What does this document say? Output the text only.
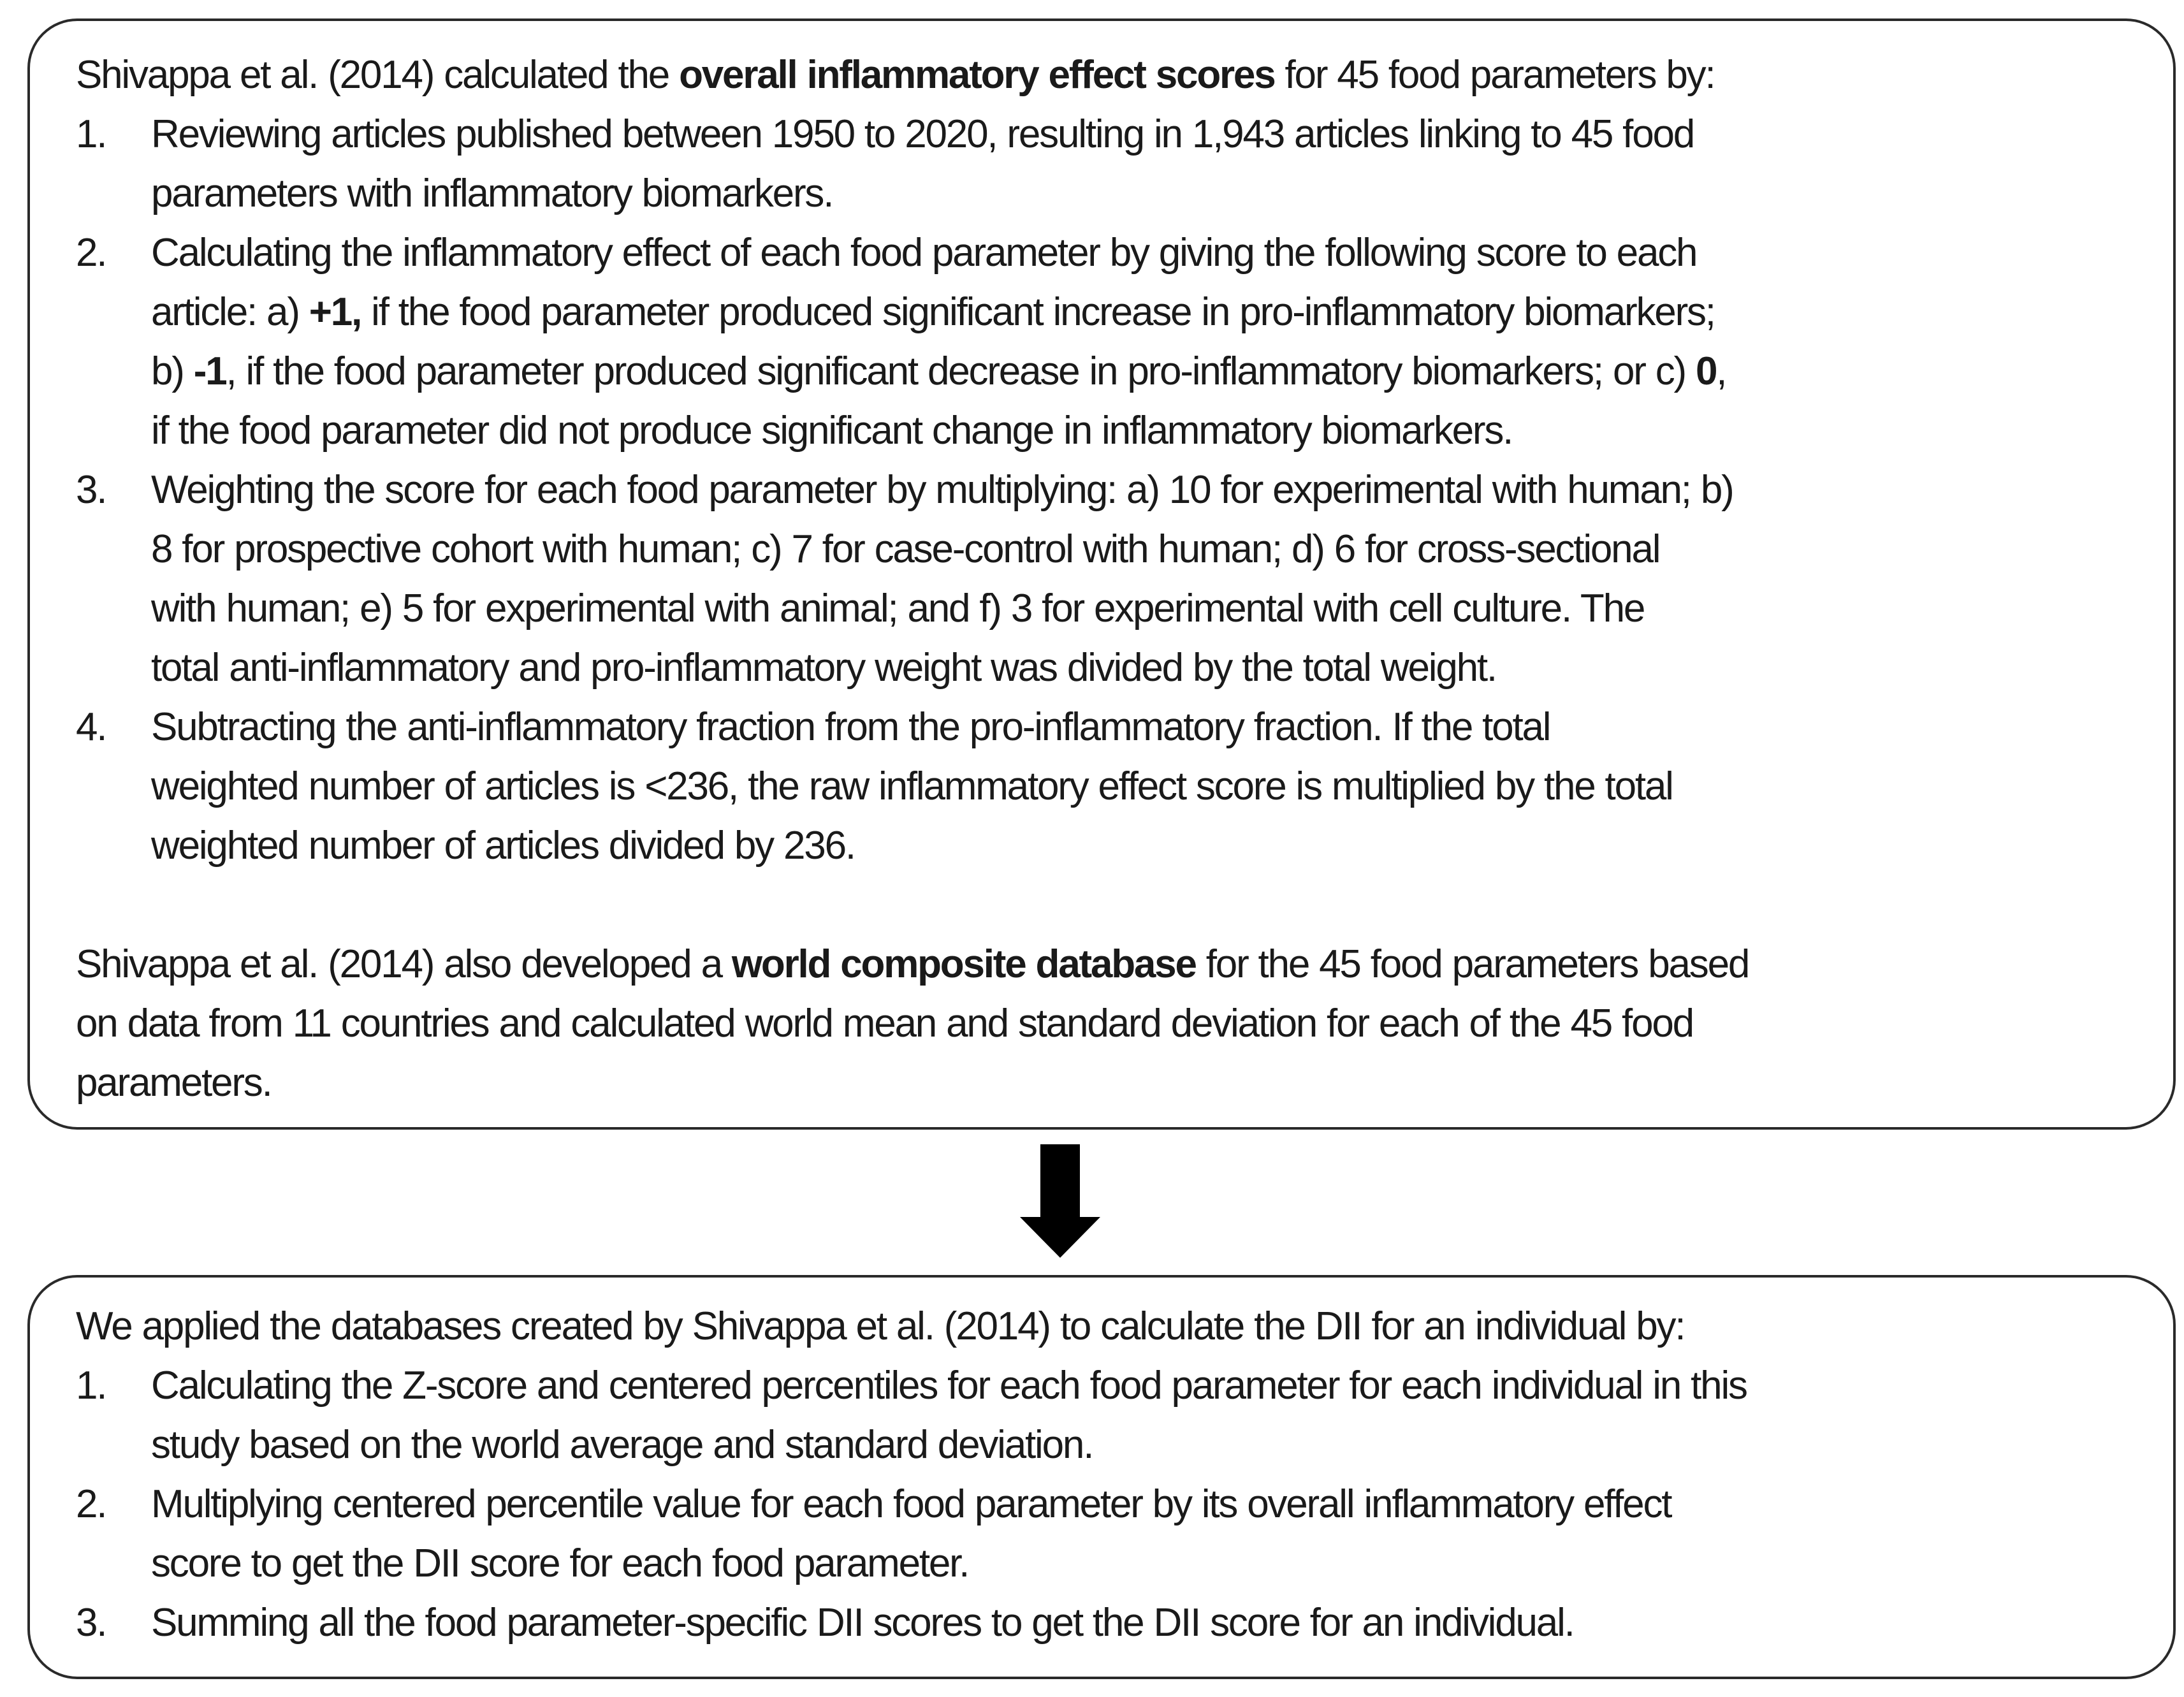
Shivappa et al. (2014) calculated the overall inflammatory effect scores for 45 food parameters by:

1. Reviewing articles published between 1950 to 2020, resulting in 1,943 articles linking to 45 food
parameters with inflammatory biomarkers.
2. Calculating the inflammatory effect of each food parameter by giving the following score to each
article: a) +1, if the food parameter produced significant increase in pro-inflammatory biomarkers;
b) -1, if the food parameter produced significant decrease in pro-inflammatory biomarkers; or c) 0,
if the food parameter did not produce significant change in inflammatory biomarkers.
3. Weighting the score for each food parameter by multiplying: a) 10 for experimental with human; b)
8 for prospective cohort with human; c) 7 for case-control with human; d) 6 for cross-sectional
with human; e) 5 for experimental with animal; and f) 3 for experimental with cell culture. The
total anti-inflammatory and pro-inflammatory weight was divided by the total weight.
4. Subtracting the anti-inflammatory fraction from the pro-inflammatory fraction. If the total
weighted number of articles is <236, the raw inflammatory effect score is multiplied by the total
weighted number of articles divided by 236.
Shivappa et al. (2014) also developed a world composite database for the 45 food parameters based
on data from 11 countries and calculated world mean and standard deviation for each of the 45 food
parameters.

We applied the databases created by Shivappa et al. (2014) to calculate the DII for an individual by:

1. Calculating the Z-score and centered percentiles for each food parameter for each individual in this
study based on the world average and standard deviation.
2. Multiplying centered percentile value for each food parameter by its overall inflammatory effect
score to get the DII score for each food parameter.
3. Summing all the food parameter-specific DII scores to get the DII score for an individual.
